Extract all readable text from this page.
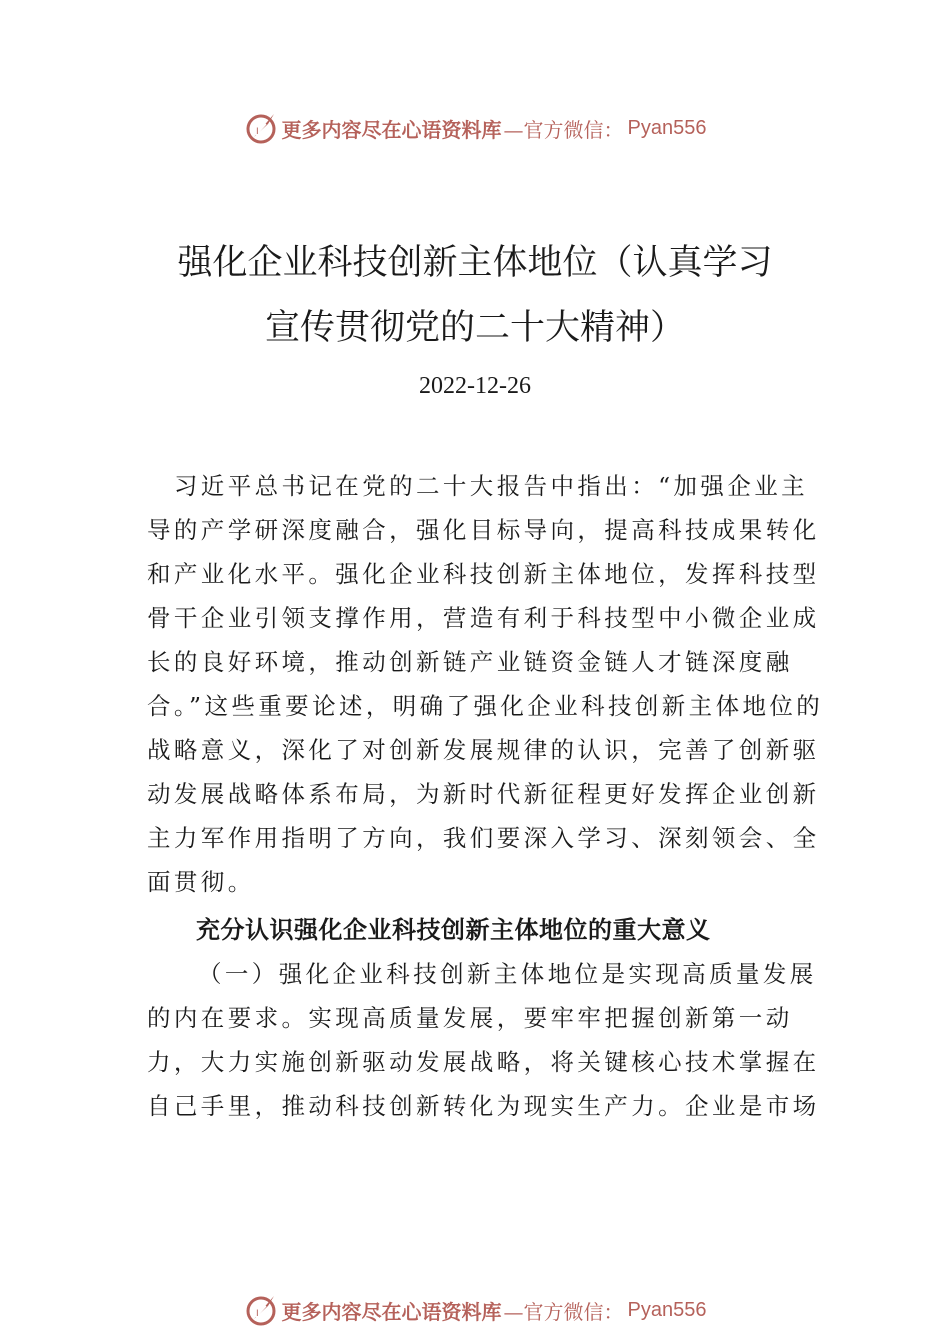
I 更多内容尽在心语资料库 —官方微信： Pyan556
强化企业科技创新主体地位（认真学习
宣传贯彻党的二十大精神）
2022-12-26
　习近平总书记在党的二十大报告中指出：“加强企业主
导的产学研深度融合，强化目标导向，提高科技成果转化
和产业化水平。强化企业科技创新主体地位，发挥科技型
骨干企业引领支撑作用，营造有利于科技型中小微企业成
长的良好环境，推动创新链产业链资金链人才链深度融
合。”这些重要论述，明确了强化企业科技创新主体地位的
战略意义，深化了对创新发展规律的认识，完善了创新驱
动发展战略体系布局，为新时代新征程更好发挥企业创新
主力军作用指明了方向，我们要深入学习、深刻领会、全
面贯彻。
充分认识强化企业科技创新主体地位的重大意义
（一）强化企业科技创新主体地位是实现高质量发展
的内在要求。实现高质量发展，要牢牢把握创新第一动
力，大力实施创新驱动发展战略，将关键核心技术掌握在
自己手里，推动科技创新转化为现实生产力。企业是市场
I 更多内容尽在心语资料库 —官方微信： Pyan556
